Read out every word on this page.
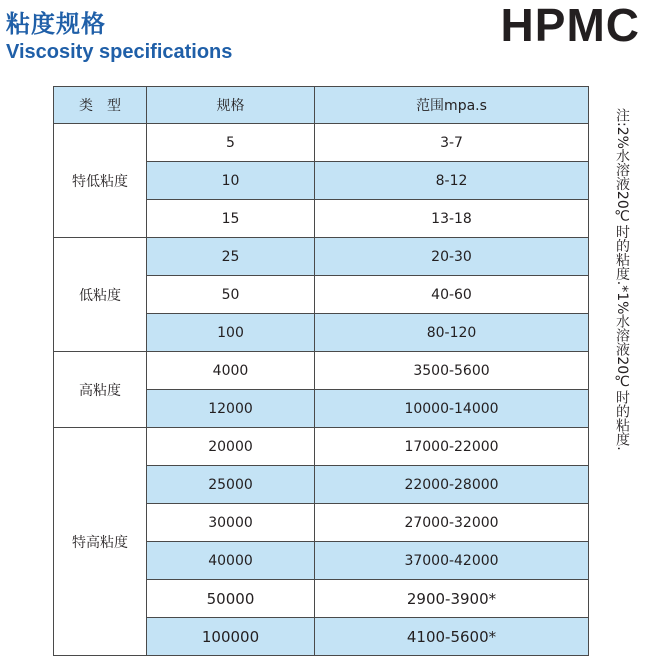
粘度规格
Viscosity specifications
HPMC
类　型	规格	范围mpa.s
特低粘度	5	3-7
	10	8-12
	15	13-18
低粘度	25	20-30
	50	40-60
	100	80-120
高粘度	4000	3500-5600
	12000	10000-14000
特高粘度	20000	17000-22000
	25000	22000-28000
	30000	27000-32000
	40000	37000-42000
	50000	2900-3900*
	100000	4100-5600*
注:2%水溶液20℃时的粘度.*1%水溶液20℃时的粘度.
